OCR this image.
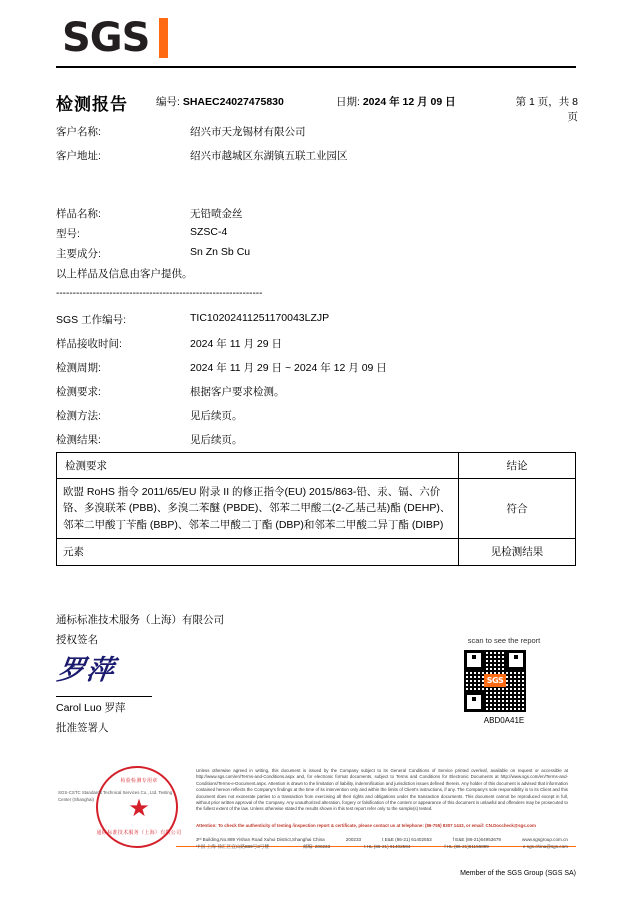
SGS
检测报告	编号: SHAEC24027475830	日期: 2024 年 12 月 09 日	第 1 页，共 8 页
客户名称:	绍兴市天龙锡材有限公司
客户地址:	绍兴市越城区东湖镇五联工业园区
样品名称:	无铅喷金丝
型号:	SZSC-4
主要成分:	Sn Zn Sb Cu
以上样品及信息由客户提供。
--------------------------------------------------------------
SGS 工作编号:	TIC10202411251170043LZJP
样品接收时间:	2024 年 11 月 29 日
检测周期:	2024 年 11 月 29 日 ~ 2024 年 12 月 09 日
检测要求:	根据客户要求检测。
检测方法:	见后续页。
检测结果:	见后续页。
检测要求	结论
欧盟 RoHS 指令 2011/65/EU 附录 II 的修正指令(EU) 2015/863-铅、汞、镉、六价铬、多溴联苯 (PBB)、多溴二苯醚 (PBDE)、邻苯二甲酸二(2-乙基己基)酯 (DEHP)、邻苯二甲酸丁苄酯 (BBP)、邻苯二甲酸二丁酯 (DBP)和邻苯二甲酸二异丁酯 (DIBP)	符合
元素	见检测结果
通标标准技术服务（上海）有限公司
授权签名
罗萍
Carol Luo 罗萍
批准签署人
scan to see the report
SGS
ABD0A41E
检验检测专用章
★
通标标准技术服务（上海）有限公司
SGS-CSTC Standards Technical Services Co., Ltd. Testing Center (Shanghai)
Unless otherwise agreed in writing, this document is issued by the Company subject to its General Conditions of Service printed overleaf, available on request or accessible at http://www.sgs.com/en/Terms-and-Conditions.aspx and, for electronic format documents, subject to Terms and Conditions for Electronic Documents at http://www.sgs.com/en/Terms-and-Conditions/Terms-e-Document.aspx. Attention is drawn to the limitation of liability, indemnification and jurisdiction issues defined therein. Any holder of this document is advised that information contained hereon reflects the Company's findings at the time of its intervention only and within the limits of Client's instructions, if any. The Company's sole responsibility is to its Client and this document does not exonerate parties to a transaction from exercising all their rights and obligations under the transaction documents. This document cannot be reproduced except in full, without prior written approval of the Company. Any unauthorized alteration, forgery or falsification of the content or appearance of this document is unlawful and offenders may be prosecuted to the fullest extent of the law. Unless otherwise stated the results shown in this test report refer only to the sample(s) tested.
Attention: To check the authenticity of testing /inspection report & certificate, please contact us at telephone: (86-755) 8307 1443, or email: CN.Doccheck@sgs.com
3ʳᵈ Building,No.889 Yishan Road Xuhui District,Shanghai China	200233	t E&E (86-21) 61402553	f E&E (86-21)64953679	www.sgsgroup.com.cn
中国·上海·徐汇区宜山路889号3号楼	邮编: 200233	t HL (86-21) 61402594	f HL (86-21)61156899	e sgs.china@sgs.com
Member of the SGS Group (SGS SA)
